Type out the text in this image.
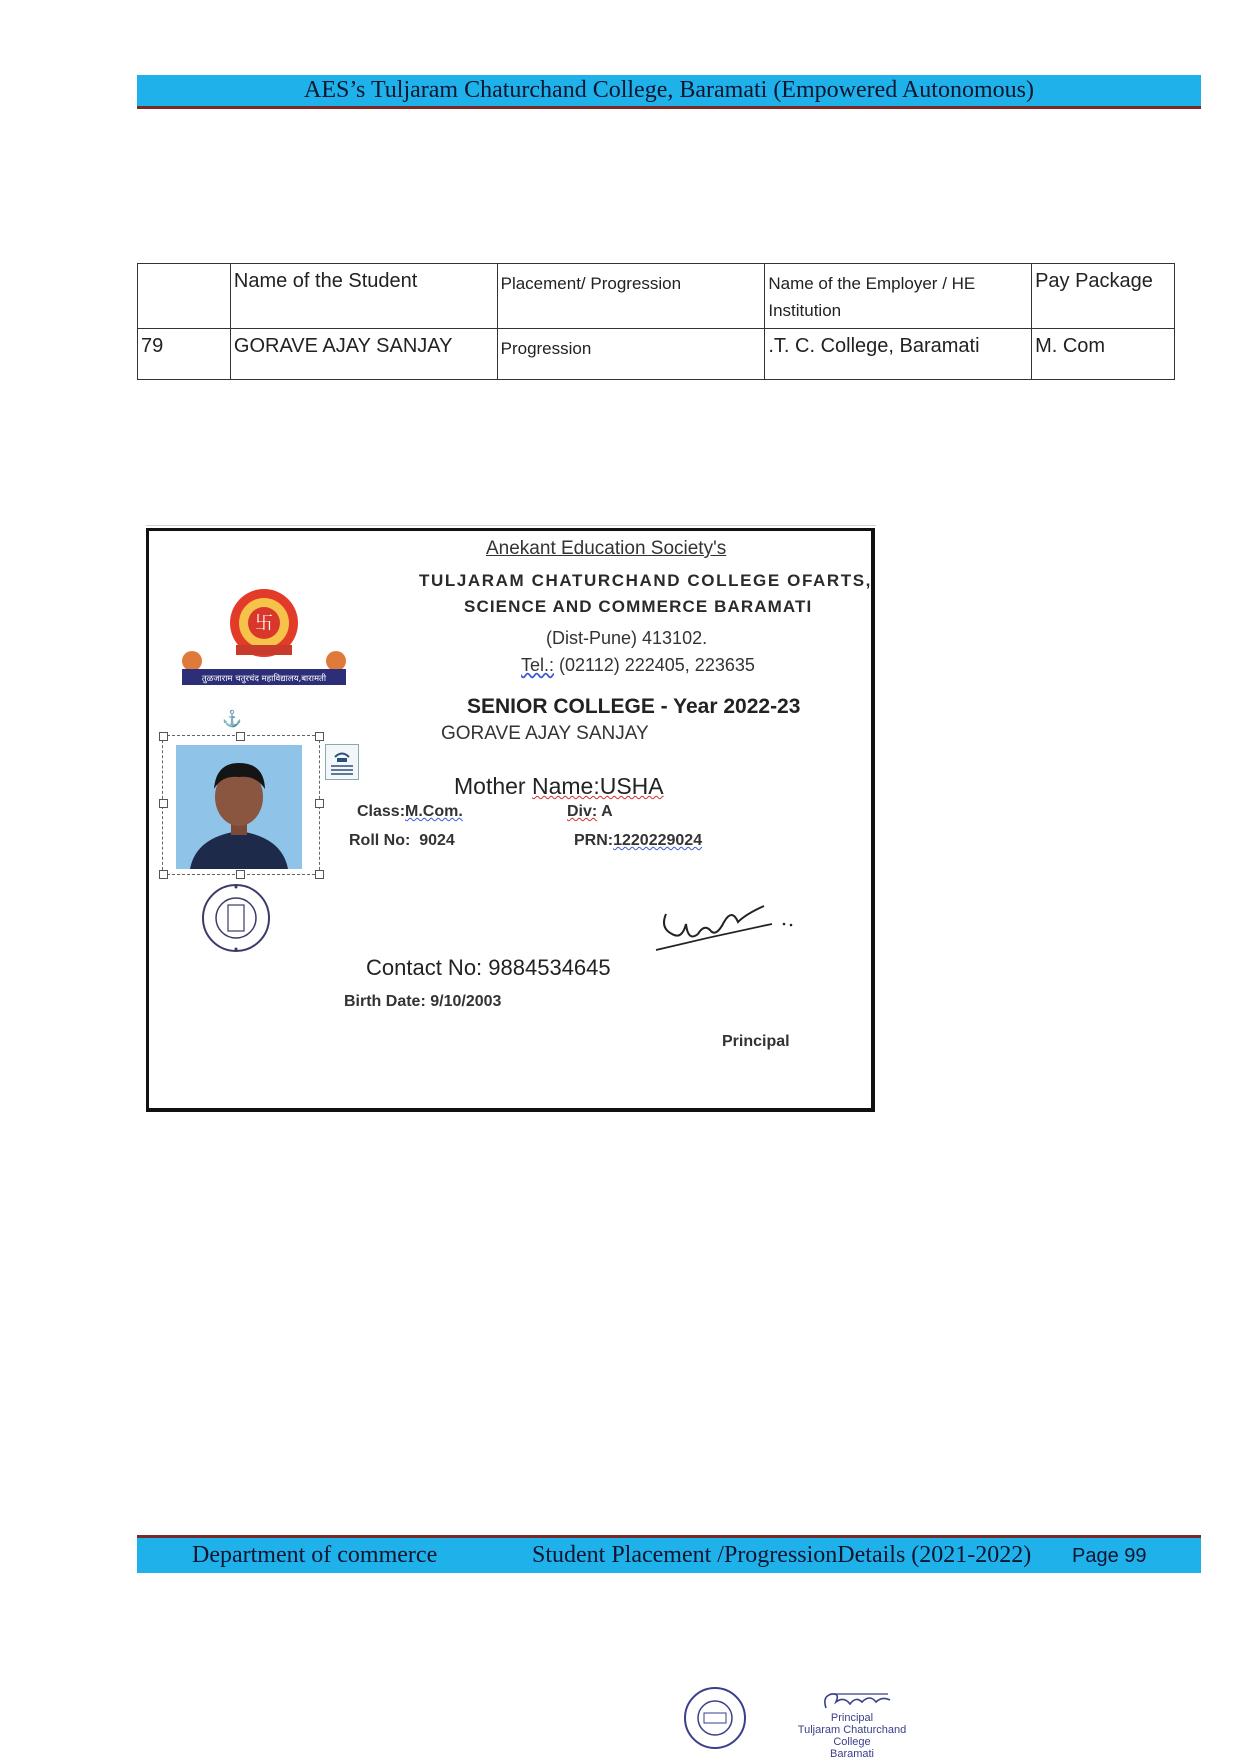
AES’s Tuljaram Chaturchand College, Baramati (Empowered Autonomous)
	Name of the Student	Placement/ Progression	Name of the Employer / HE Institution	Pay Package
79	GORAVE AJAY SANJAY	Progression	.T. C. College, Baramati	M. Com
卐
तुळजाराम चतुरचंद महाविद्यालय,बारामती
⚓
Anekant Education Society's
TULJARAM CHATURCHAND COLLEGE OFARTS,
SCIENCE AND COMMERCE BARAMATI
(Dist-Pune) 413102.
Tel.: (02112) 222405, 223635
SENIOR COLLEGE - Year 2022-23
GORAVE AJAY SANJAY
Mother Name:USHA
Class:M.Com.	Div: A
Roll No: 9024	PRN:1220229024
Contact No: 9884534645
Birth Date: 9/10/2003
Principal
Department of commerce	Student Placement /ProgressionDetails (2021-2022) Page 99
Principal
Tuljaram Chaturchand College
Baramati
